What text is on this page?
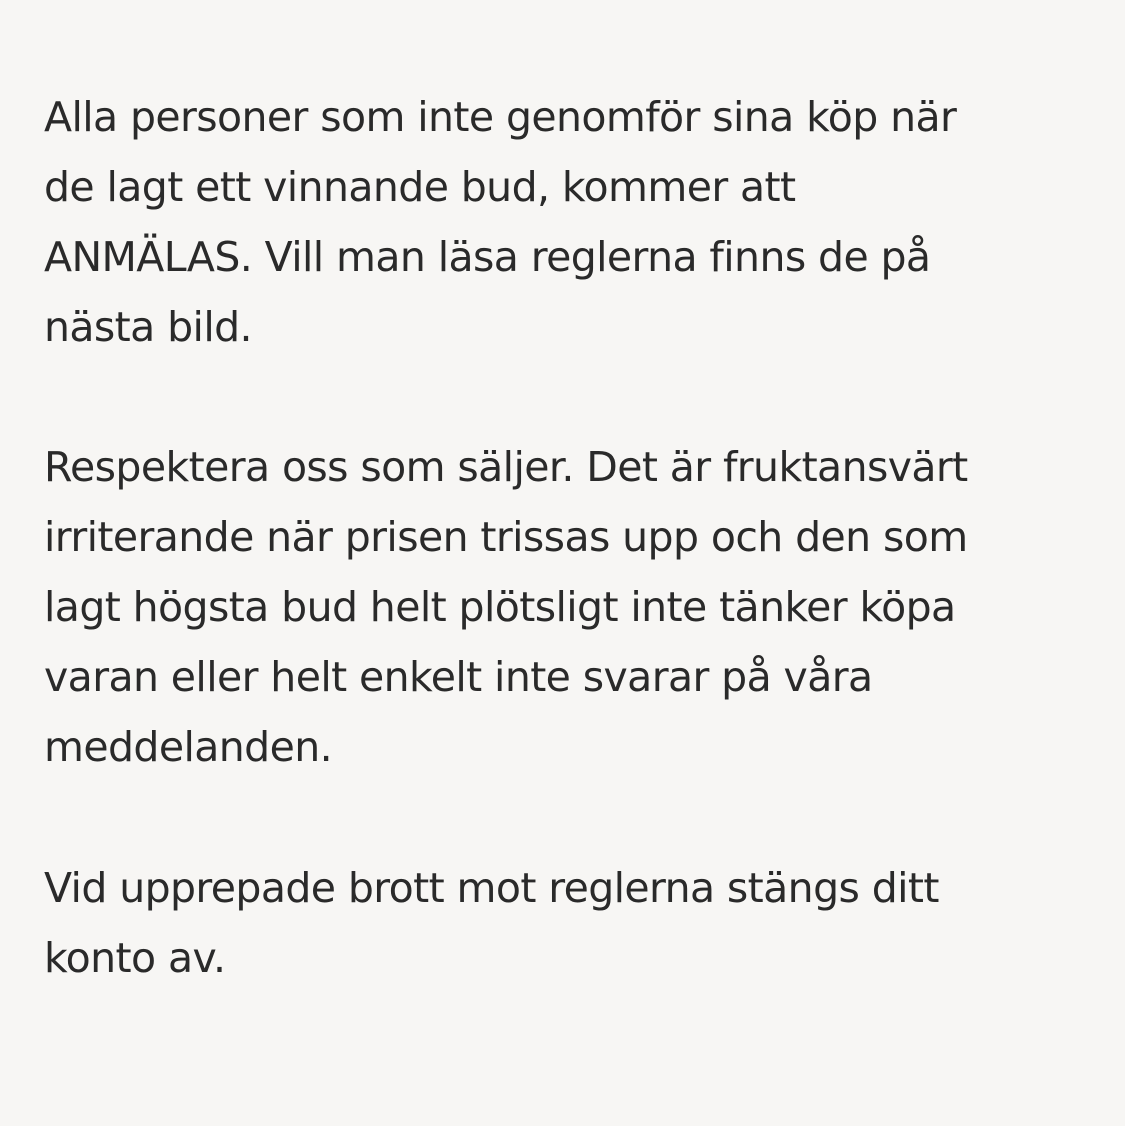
Alla personer som inte genomför sina köp när
de lagt ett vinnande bud, kommer att
ANMÄLAS. Vill man läsa reglerna finns de på
nästa bild.

Respektera oss som säljer. Det är fruktansvärt
irriterande när prisen trissas upp och den som
lagt högsta bud helt plötsligt inte tänker köpa
varan eller helt enkelt inte svarar på våra
meddelanden.

Vid upprepade brott mot reglerna stängs ditt
konto av.
